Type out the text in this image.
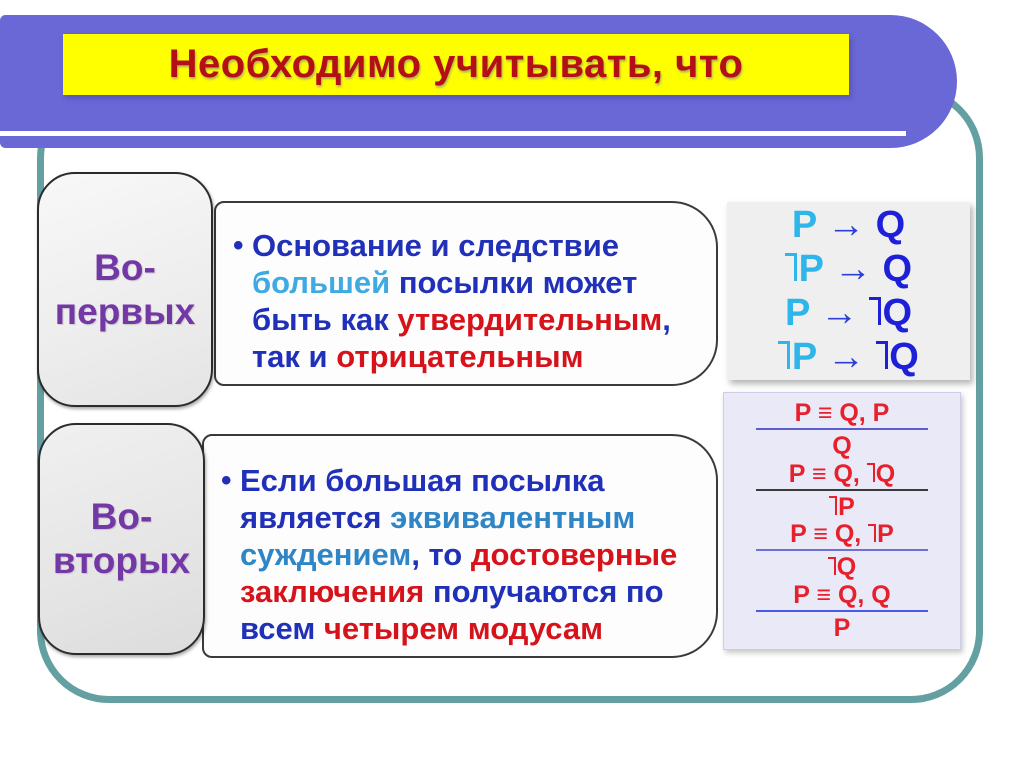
Необходимо учитывать, что
Во-
первых
Во-
вторых
• Основание и следствие
большей посылки может
быть как утвердительным,
так и отрицательным
• Если большая посылка
является эквивалентным
суждением, то достоверные
заключения получаются по
всем четырем модусам
P → Q
P → Q
P → Q
P → Q
$\frac{P \equiv Q, P}{Q}$
$\frac{P \equiv Q, Q}{P}$
$\frac{P \equiv Q, P}{Q}$
$\frac{P \equiv Q, Q}{P}$
